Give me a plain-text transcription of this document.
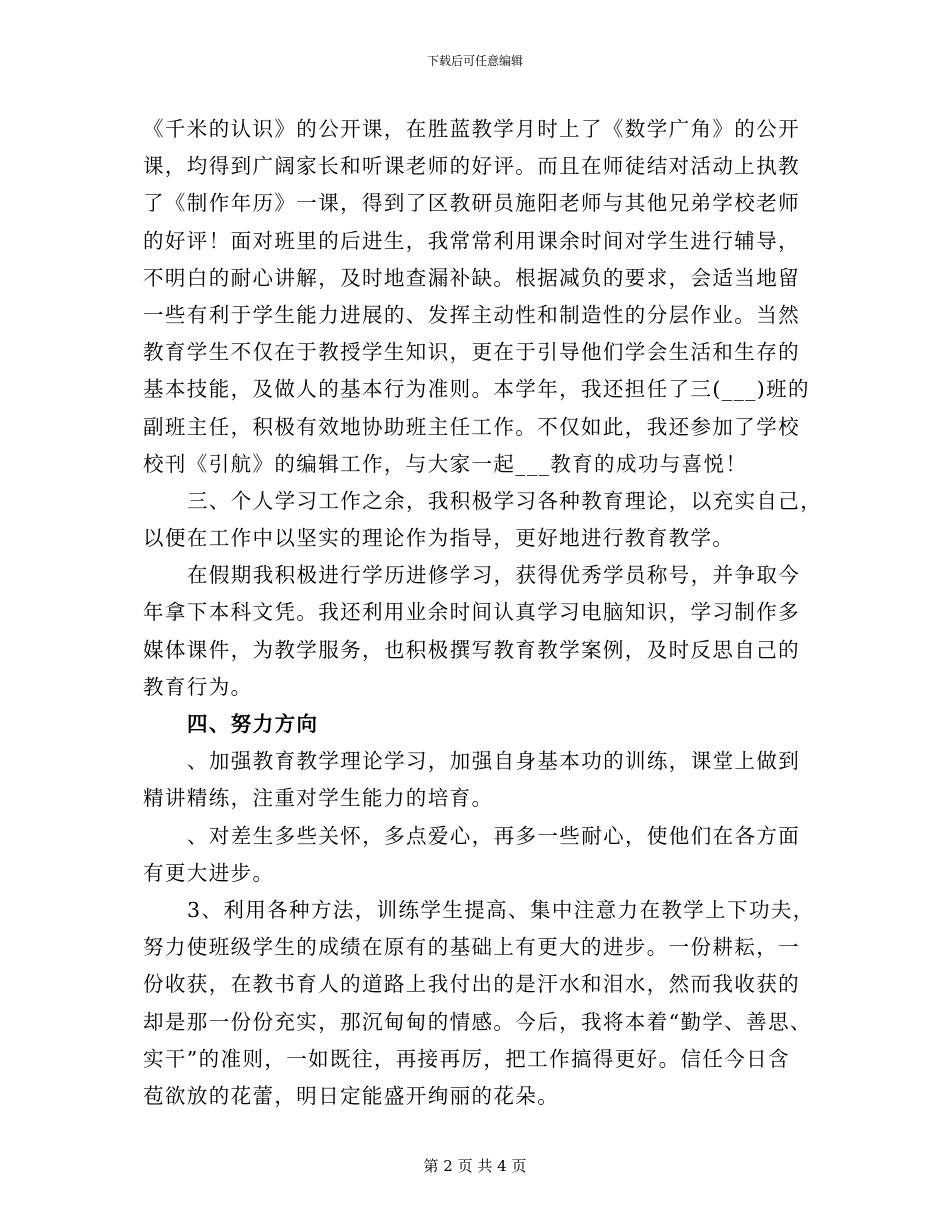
下载后可任意编辑
《千米的认识》的公开课，在胜蓝教学月时上了《数学广角》的公开
课，均得到广阔家长和听课老师的好评。而且在师徒结对活动上执教
了《制作年历》一课，得到了区教研员施阳老师与其他兄弟学校老师
的好评！面对班里的后进生，我常常利用课余时间对学生进行辅导，
不明白的耐心讲解，及时地查漏补缺。根据减负的要求，会适当地留
一些有利于学生能力进展的、发挥主动性和制造性的分层作业。当然
教育学生不仅在于教授学生知识，更在于引导他们学会生活和生存的
基本技能，及做人的基本行为准则。本学年，我还担任了三(___)班的
副班主任，积极有效地协助班主任工作。不仅如此，我还参加了学校
校刊《引航》的编辑工作，与大家一起___教育的成功与喜悦！
三、个人学习工作之余，我积极学习各种教育理论，以充实自己，
以便在工作中以坚实的理论作为指导，更好地进行教育教学。
在假期我积极进行学历进修学习，获得优秀学员称号，并争取今
年拿下本科文凭。我还利用业余时间认真学习电脑知识，学习制作多
媒体课件，为教学服务，也积极撰写教育教学案例，及时反思自己的
教育行为。
四、努力方向
、加强教育教学理论学习，加强自身基本功的训练，课堂上做到
精讲精练，注重对学生能力的培育。
、对差生多些关怀，多点爱心，再多一些耐心，使他们在各方面
有更大进步。
3、利用各种方法，训练学生提高、集中注意力在教学上下功夫，
努力使班级学生的成绩在原有的基础上有更大的进步。一份耕耘，一
份收获，在教书育人的道路上我付出的是汗水和泪水，然而我收获的
却是那一份份充实，那沉甸甸的情感。今后，我将本着“勤学、善思、
实干”的准则，一如既往，再接再厉，把工作搞得更好。信任今日含
苞欲放的花蕾，明日定能盛开绚丽的花朵。
第 2 页 共 4 页
